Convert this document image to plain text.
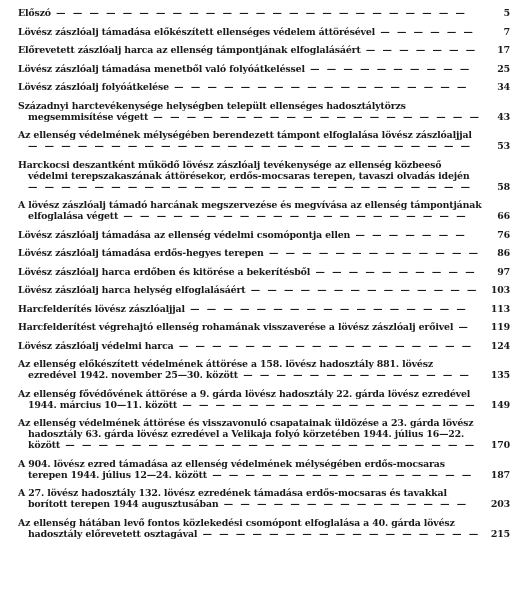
Előszó — — — — — — — — — — — — — — — — — — — — — — — — —	5
Lövész zászlóalj támadása előkészített ellenséges védelem áttörésével — — — — — —	7
Előrevetett zászlóalj harca az ellenség támpontjának elfoglalásáért — — — — — — —	17
Lövész zászlóalj támadása menetből való folyóátkeléssel — — — — — — — — — —	25
Lövész zászlóalj folyóátkelése — — — — — — — — — — — — — — — — — —	34
Századnyi harctevékenysége helységben települt ellenséges hadosztálytörzs megsemmisítése végett — — — — — — — — — — — — — — — — — — — —	43
Az ellenség védelmének mélységében berendezett támpont elfoglalása lövész zászlóaljjal — — — — — — — — — — — — — — — — — — — — — — — — — — —	53
Harckocsi deszantként működő lövész zászlóalj tevékenysége az ellenség közbeeső védelmi terepszakaszának áttörésekor, erdős-mocsaras terepen, tavaszi olvadás idején — — — — — — — — — — — — — — — — — — — — — — — — — — —	58
A lövész zászlóalj támadó harcának megszervezése és megvívása az ellenség támpontjának elfoglalása végett — — — — — — — — — — — — — — — — — — — — —	66
Lövész zászlóalj támadása az ellenség védelmi csomópontja ellen — — — — — — —	76
Lövész zászlóalj támadása erdős-hegyes terepen — — — — — — — — — — — — —	86
Lövész zászlóalj harca erdőben és kitörése a bekerítésből — — — — — — — — — —	97
Lövész zászlóalj harca helység elfoglalásáért — — — — — — — — — — — — — —	103
Harcfelderítés lövész zászlóaljjal — — — — — — — — — — — — — — — — —	113
Harcfelderítést végrehajtó ellenség rohamának visszaverése a lövész zászlóalj erőivel —	119
Lövész zászlóalj védelmi harca — — — — — — — — — — — — — — — — — —	124
Az ellenség előkészített védelmének áttörése a 158. lövész hadosztály 881. lövész ezredével 1942. november 25—30. között — — — — — — — — — — — — — —	135
Az ellenség fővédővének áttörése a 9. gárda lövész hadosztály 22. gárda lövész ezredével 1944. március 10—11. között — — — — — — — — — — — — — — — — — —	149
Az ellenség védelmének áttörése és visszavonuló csapatainak üldözése a 23. gárda lövész hadosztály 63. gárda lövész ezredével a Velikaja folyó körzetében 1944. július 16—22. között — — — — — — — — — — — — — — — — — — — — — — — — —	170
A 904. lövész ezred támadása az ellenség védelmének mélységében erdős-mocsaras terepen 1944. július 12—24. között — — — — — — — — — — — — — — — —	187
A 27. lövész hadosztály 132. lövész ezredének támadása erdős-mocsaras és tavakkal borított terepen 1944 augusztusában — — — — — — — — — — — — — — —	203
Az ellenség hátában levő fontos közlekedési csomópont elfoglalása a 40. gárda lövész hadosztály előrevetett osztagával — — — — — — — — — — — — — — — — —	215
